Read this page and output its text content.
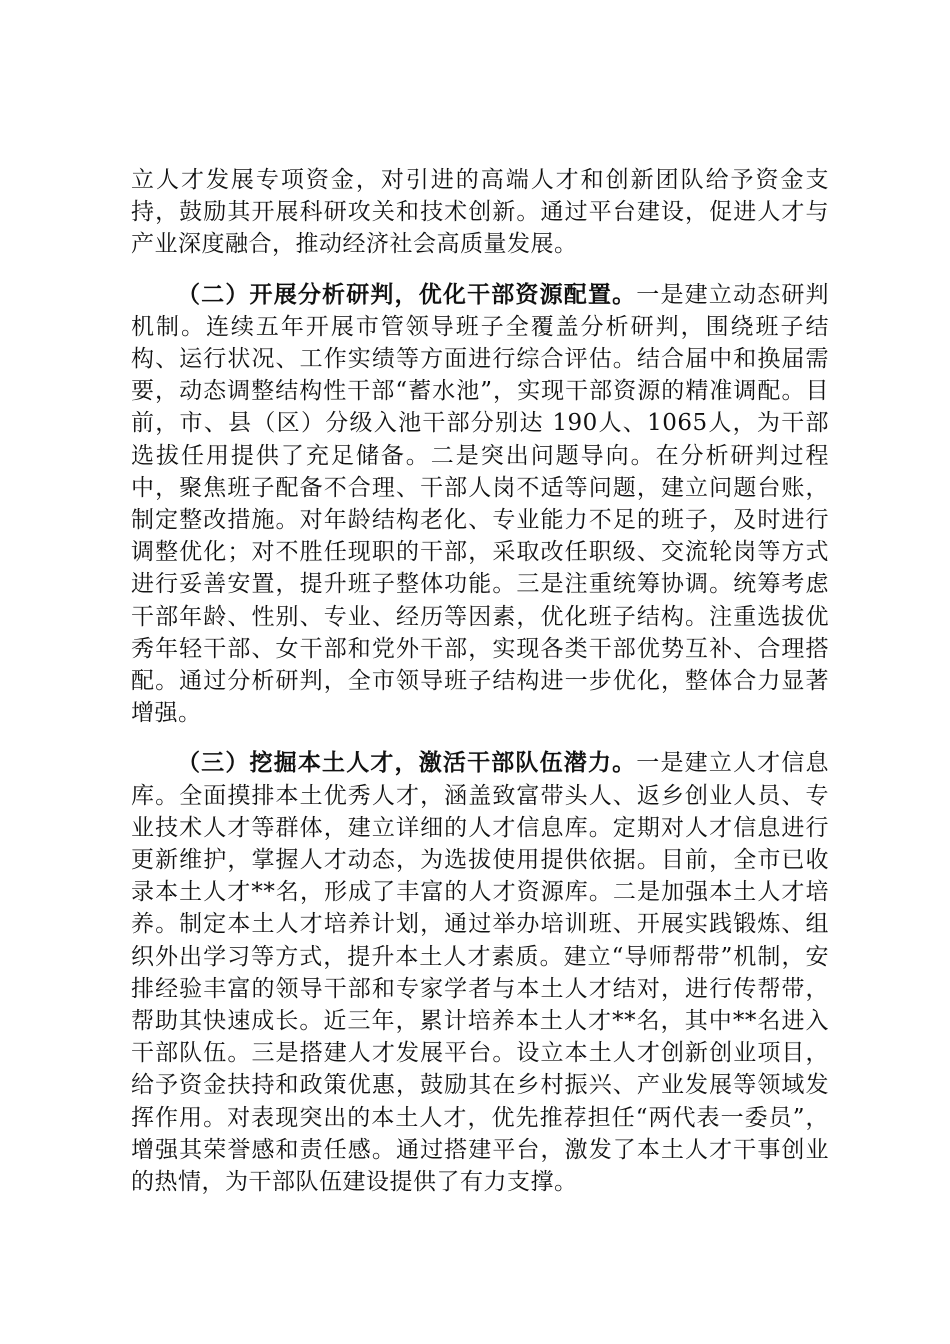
立人才发展专项资金，对引进的高端人才和创新团队给予资金支持，鼓励其开展科研攻关和技术创新。通过平台建设，促进人才与产业深度融合，推动经济社会高质量发展。

（二）开展分析研判，优化干部资源配置。一是建立动态研判机制。连续五年开展市管领导班子全覆盖分析研判，围绕班子结构、运行状况、工作实绩等方面进行综合评估。结合届中和换届需要，动态调整结构性干部“蓄水池”，实现干部资源的精准调配。目前，市、县（区）分级入池干部分别达 190人、1065人，为干部选拔任用提供了充足储备。二是突出问题导向。在分析研判过程中，聚焦班子配备不合理、干部人岗不适等问题，建立问题台账，制定整改措施。对年龄结构老化、专业能力不足的班子，及时进行调整优化；对不胜任现职的干部，采取改任职级、交流轮岗等方式进行妥善安置，提升班子整体功能。三是注重统筹协调。统筹考虑干部年龄、性别、专业、经历等因素，优化班子结构。注重选拔优秀年轻干部、女干部和党外干部，实现各类干部优势互补、合理搭配。通过分析研判，全市领导班子结构进一步优化，整体合力显著增强。

（三）挖掘本土人才，激活干部队伍潜力。一是建立人才信息库。全面摸排本土优秀人才，涵盖致富带头人、返乡创业人员、专业技术人才等群体，建立详细的人才信息库。定期对人才信息进行更新维护，掌握人才动态，为选拔使用提供依据。目前，全市已收录本土人才**名，形成了丰富的人才资源库。二是加强本土人才培养。制定本土人才培养计划，通过举办培训班、开展实践锻炼、组织外出学习等方式，提升本土人才素质。建立“导师帮带”机制，安排经验丰富的领导干部和专家学者与本土人才结对，进行传帮带，帮助其快速成长。近三年，累计培养本土人才**名，其中**名进入干部队伍。三是搭建人才发展平台。设立本土人才创新创业项目，给予资金扶持和政策优惠，鼓励其在乡村振兴、产业发展等领域发挥作用。对表现突出的本土人才，优先推荐担任“两代表一委员”，增强其荣誉感和责任感。通过搭建平台，激发了本土人才干事创业的热情，为干部队伍建设提供了有力支撑。
